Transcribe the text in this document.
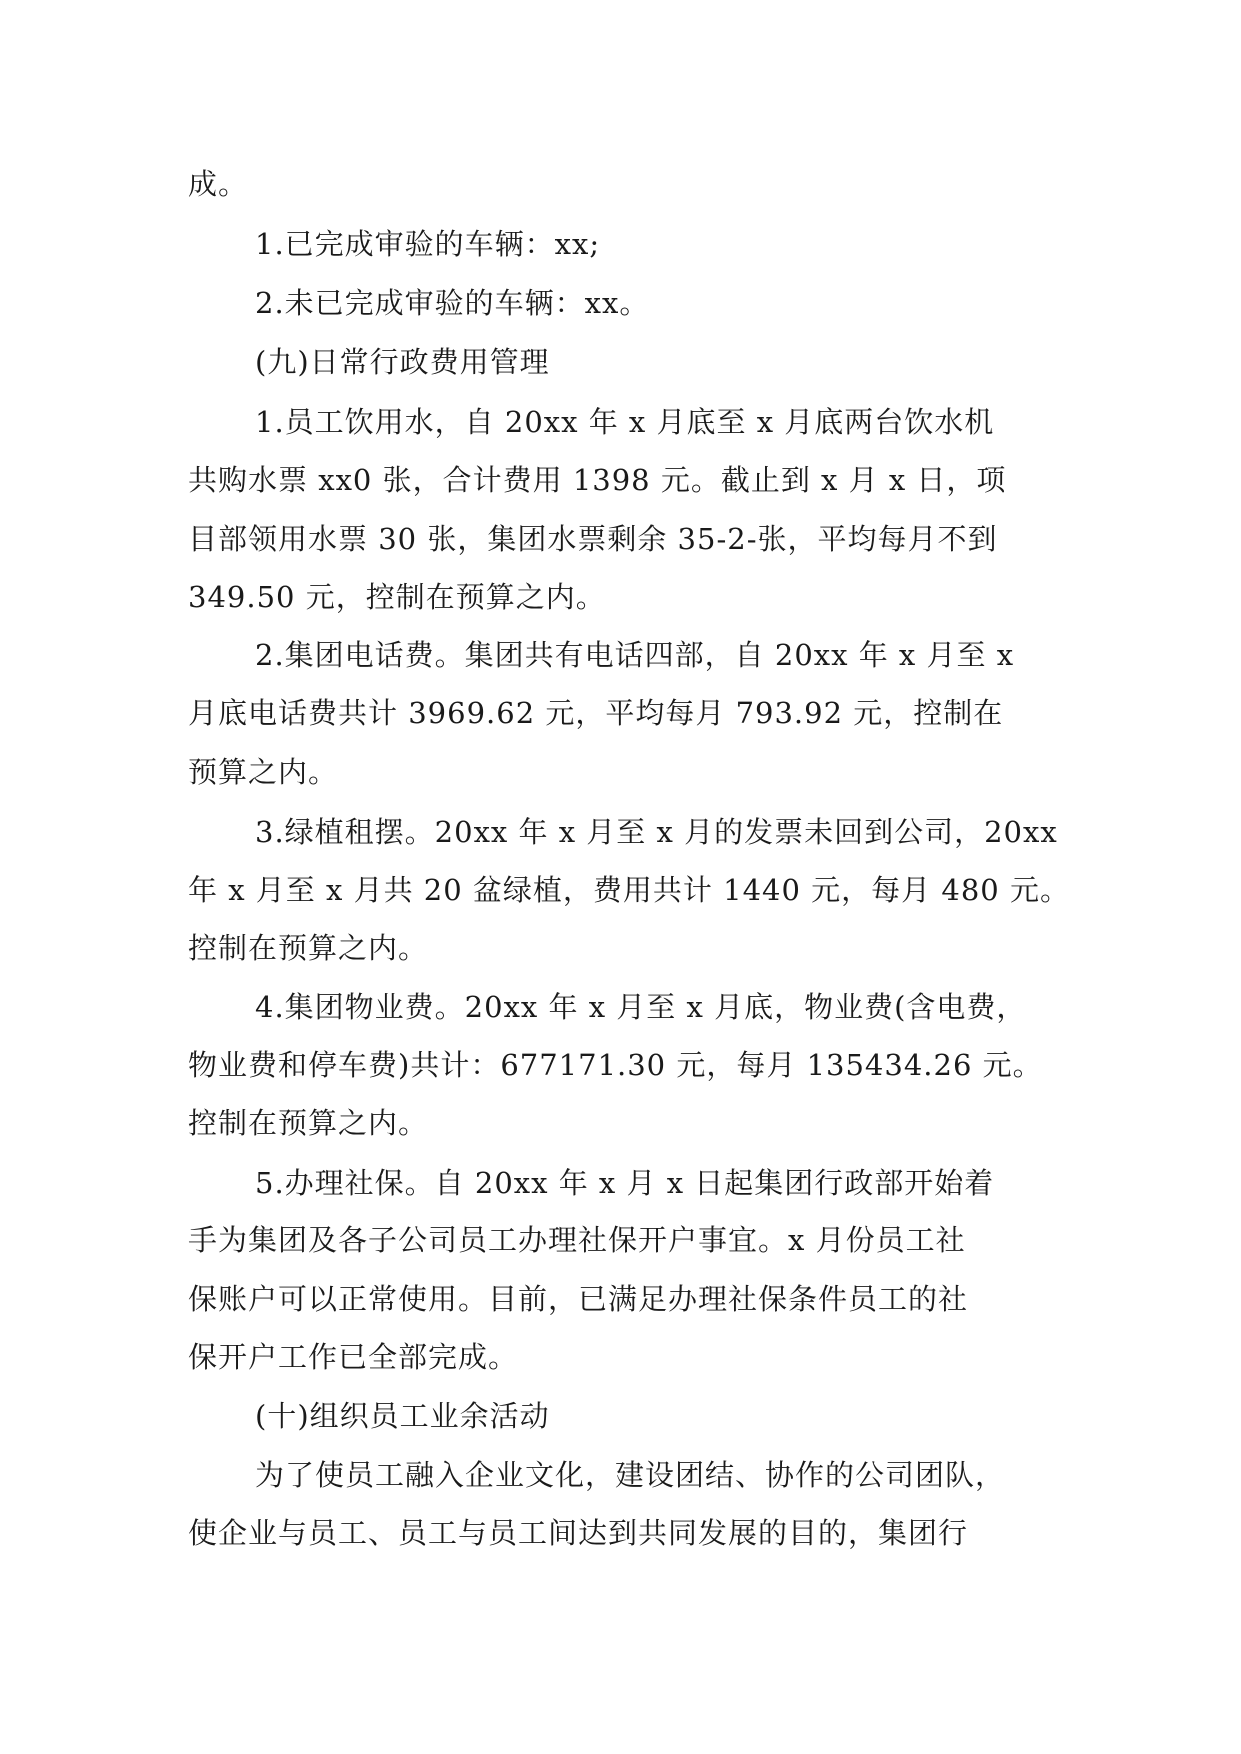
成。
1.已完成审验的车辆：xx;
2.未已完成审验的车辆：xx。
(九)日常行政费用管理
1.员工饮用水，自 20xx 年 x 月底至 x 月底两台饮水机
共购水票 xx0 张，合计费用 1398 元。截止到 x 月 x 日，项
目部领用水票 30 张，集团水票剩余 35-2-张，平均每月不到
349.50 元，控制在预算之内。
2.集团电话费。集团共有电话四部，自 20xx 年 x 月至 x
月底电话费共计 3969.62 元，平均每月 793.92 元，控制在
预算之内。
3.绿植租摆。20xx 年 x 月至 x 月的发票未回到公司，20xx
年 x 月至 x 月共 20 盆绿植，费用共计 1440 元，每月 480 元。
控制在预算之内。
4.集团物业费。20xx 年 x 月至 x 月底，物业费(含电费，
物业费和停车费)共计：677171.30 元，每月 135434.26 元。
控制在预算之内。
5.办理社保。自 20xx 年 x 月 x 日起集团行政部开始着
手为集团及各子公司员工办理社保开户事宜。x 月份员工社
保账户可以正常使用。目前，已满足办理社保条件员工的社
保开户工作已全部完成。
(十)组织员工业余活动
为了使员工融入企业文化，建设团结、协作的公司团队，
使企业与员工、员工与员工间达到共同发展的目的，集团行
